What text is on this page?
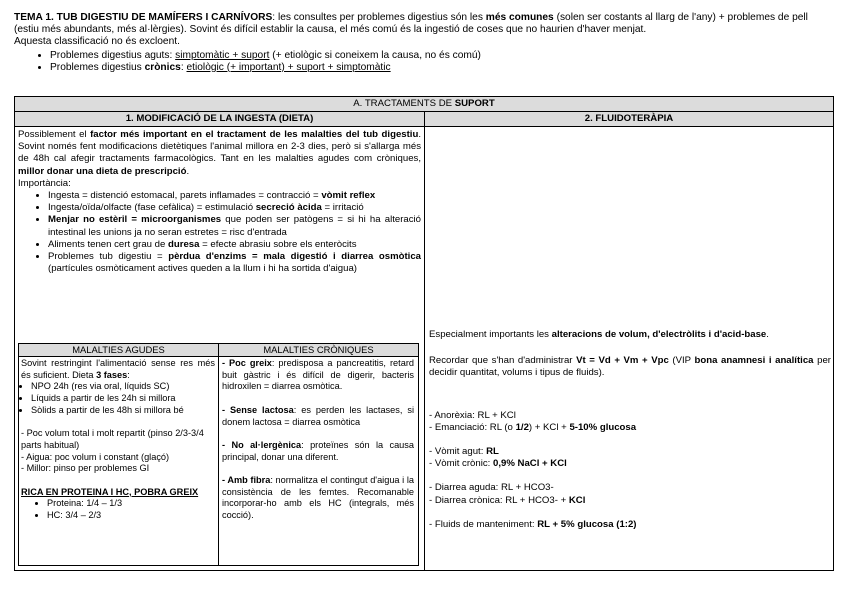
TEMA 1. TUB DIGESTIU DE MAMÍFERS I CARNÍVORS: les consultes per problemes digestius són les més comunes (solen ser costants al llarg de l'any) + problemes de pell (estiu més abundants, més al·lèrgies). Sovint és difícil establir la causa, el més comú és la ingestió de coses que no haurien d'haver menjat.
Aquesta classificació no és excloent.
• Problemes digestius aguts: simptomàtic + suport (+ etiològic si coneixem la causa, no és comú)
• Problemes digestius crònics: etiològic (+ important) + suport + simptomàtic
A. TRACTAMENTS DE SUPORT
1. MODIFICACIÓ DE LA INGESTA (DIETA)	2. FLUIDOTERÀPIA

Possiblement el factor més important en el tractament de les malalties del tub digestiu. Sovint només fent modificacions dietètiques l'animal millora en 2-3 dies, però si s'allarga més de 48h cal afegir tractaments farmacològics. Tant en les malalties agudes com cròniques, millor donar una dieta de prescripció.

Importància:

• Ingesta = distenció estomacal, parets inflamades = contracció = vòmit reflex
• Ingesta/oïda/olfacte (fase cefàlica) = estimulació secreció àcida = irritació
• Menjar no estèril = microorganismes que poden ser patògens = si hi ha alteració intestinal les unions ja no seran estretes = risc d'entrada
• Aliments tenen cert grau de duresa = efecte abrasiu sobre els enteròcits
• Problemes tub digestiu = pèrdua d'enzims = mala digestió i diarrea osmòtica (partícules osmòticament actives queden a la llum i hi ha sortida d'aigua)
MALALTIES AGUDES	MALALTIES CRÒNIQUES

Sovint restringint l'alimentació sense res més és suficient. Dieta 3 fases:

• NPO 24h (res via oral, líquids SC)
• Líquids a partir de les 24h si millora
• Sòlids a partir de les 48h si millora bé

- Poc volum total i molt repartit (pinso 2/3-3/4 parts habitual)

- Aigua: poc volum i constant (glaçó)

- Millor: pinso per problemes GI

RICA EN PROTEINA I HC, POBRA GREIX

• Proteina: 1/4 – 1/3
• HC: 3/4 – 2/3

- Poc greix: predisposa a pancreatitis, retard buit gàstric i és difícil de digerir, bacteris hidroxilen = diarrea osmòtica.

- Sense lactosa: es perden les lactases, si donem lactosa = diarrea osmòtica

- No al·lergènica: proteïnes són la causa principal, donar una diferent.

- Amb fibra: normalitza el contingut d'aigua i la consistència de les femtes. Recomanable incorporar-ho amb els HC (integrals, més cocció).

Especialment importants les alteracions de volum, d'electròlits i d'acid-base.

Recordar que s'han d'administrar Vt = Vd + Vm + Vpc (VIP bona anamnesi i analítica per decidir quantitat, volums i tipus de fluids).

- Anorèxia: RL + KCl

- Emanciació: RL (o 1/2) + KCl + 5-10% glucosa

- Vòmit agut: RL

- Vòmit crònic: 0,9% NaCl + KCl

- Diarrea aguda: RL + HCO3-

- Diarrea crònica: RL + HCO3- + KCl

- Fluids de manteniment: RL + 5% glucosa (1:2)
